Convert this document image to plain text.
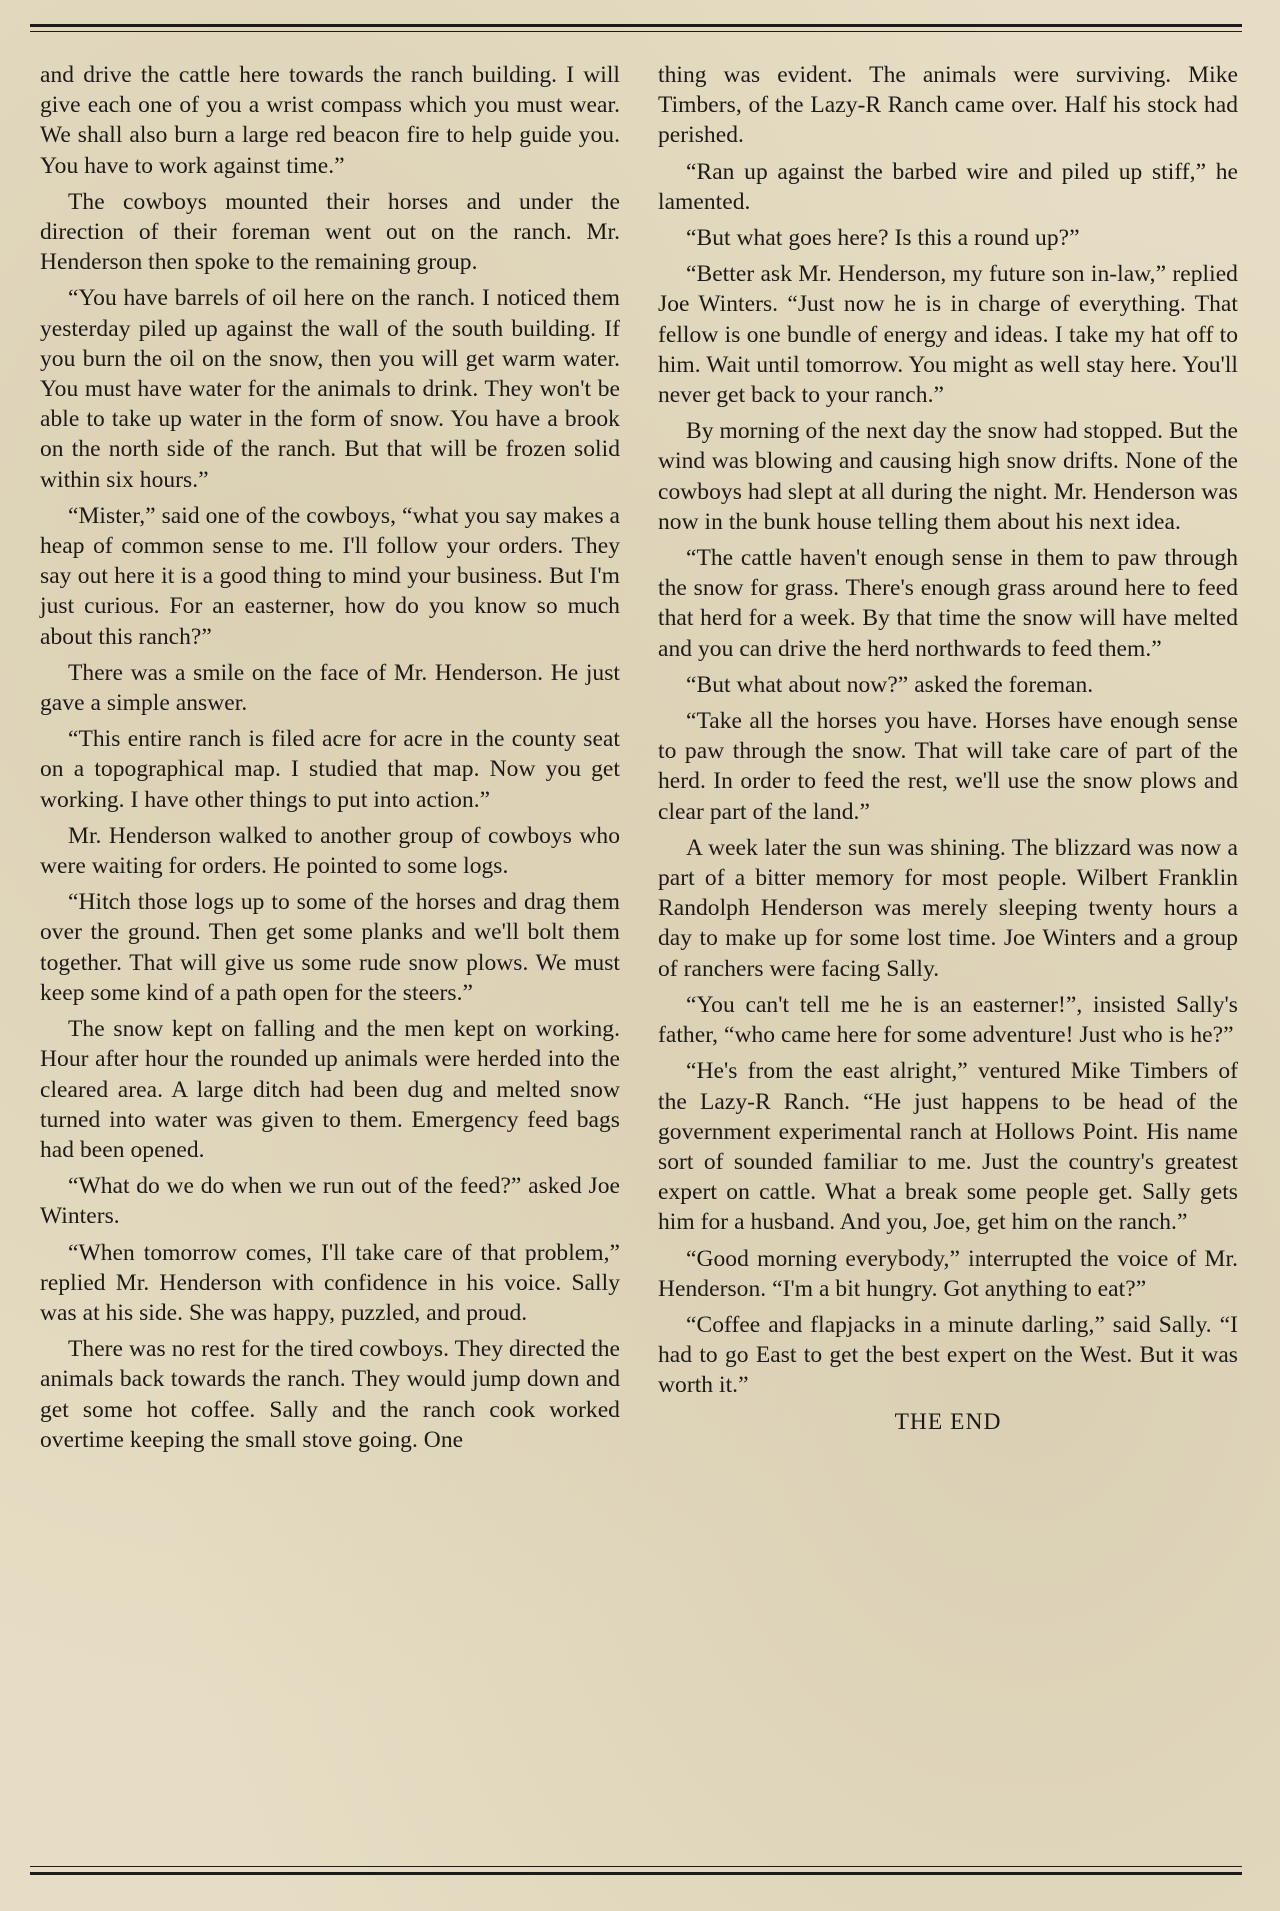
and drive the cattle here towards the ranch building. I will give each one of you a wrist compass which you must wear. We shall also burn a large red beacon fire to help guide you. You have to work against time.”

The cowboys mounted their horses and under the direction of their foreman went out on the ranch. Mr. Henderson then spoke to the remaining group.

“You have barrels of oil here on the ranch. I noticed them yesterday piled up against the wall of the south building. If you burn the oil on the snow, then you will get warm water. You must have water for the animals to drink. They won't be able to take up water in the form of snow. You have a brook on the north side of the ranch. But that will be frozen solid within six hours.”

“Mister,” said one of the cowboys, “what you say makes a heap of common sense to me. I'll follow your orders. They say out here it is a good thing to mind your business. But I'm just curious. For an easterner, how do you know so much about this ranch?”

There was a smile on the face of Mr. Henderson. He just gave a simple answer.

“This entire ranch is filed acre for acre in the county seat on a topographical map. I studied that map. Now you get working. I have other things to put into action.”

Mr. Henderson walked to another group of cowboys who were waiting for orders. He pointed to some logs.

“Hitch those logs up to some of the horses and drag them over the ground. Then get some planks and we'll bolt them together. That will give us some rude snow plows. We must keep some kind of a path open for the steers.”

The snow kept on falling and the men kept on working. Hour after hour the rounded up animals were herded into the cleared area. A large ditch had been dug and melted snow turned into water was given to them. Emergency feed bags had been opened.

“What do we do when we run out of the feed?” asked Joe Winters.

“When tomorrow comes, I'll take care of that problem,” replied Mr. Henderson with confidence in his voice. Sally was at his side. She was happy, puzzled, and proud.

There was no rest for the tired cowboys. They directed the animals back towards the ranch. They would jump down and get some hot coffee. Sally and the ranch cook worked overtime keeping the small stove going. One

thing was evident. The animals were surviving. Mike Timbers, of the Lazy-R Ranch came over. Half his stock had perished.

“Ran up against the barbed wire and piled up stiff,” he lamented.

“But what goes here? Is this a round up?”

“Better ask Mr. Henderson, my future son in-law,” replied Joe Winters. “Just now he is in charge of everything. That fellow is one bundle of energy and ideas. I take my hat off to him. Wait until tomorrow. You might as well stay here. You'll never get back to your ranch.”

By morning of the next day the snow had stopped. But the wind was blowing and causing high snow drifts. None of the cowboys had slept at all during the night. Mr. Henderson was now in the bunk house telling them about his next idea.

“The cattle haven't enough sense in them to paw through the snow for grass. There's enough grass around here to feed that herd for a week. By that time the snow will have melted and you can drive the herd northwards to feed them.”

“But what about now?” asked the foreman.

“Take all the horses you have. Horses have enough sense to paw through the snow. That will take care of part of the herd. In order to feed the rest, we'll use the snow plows and clear part of the land.”

A week later the sun was shining. The blizzard was now a part of a bitter memory for most people. Wilbert Franklin Randolph Henderson was merely sleeping twenty hours a day to make up for some lost time. Joe Winters and a group of ranchers were facing Sally.

“You can't tell me he is an easterner!”, insisted Sally's father, “who came here for some adventure! Just who is he?”

“He's from the east alright,” ventured Mike Timbers of the Lazy-R Ranch. “He just happens to be head of the government experimental ranch at Hollows Point. His name sort of sounded familiar to me. Just the country's greatest expert on cattle. What a break some people get. Sally gets him for a husband. And you, Joe, get him on the ranch.”

“Good morning everybody,” interrupted the voice of Mr. Henderson. “I'm a bit hungry. Got anything to eat?”

“Coffee and flapjacks in a minute darling,” said Sally. “I had to go East to get the best expert on the West. But it was worth it.”

THE END
